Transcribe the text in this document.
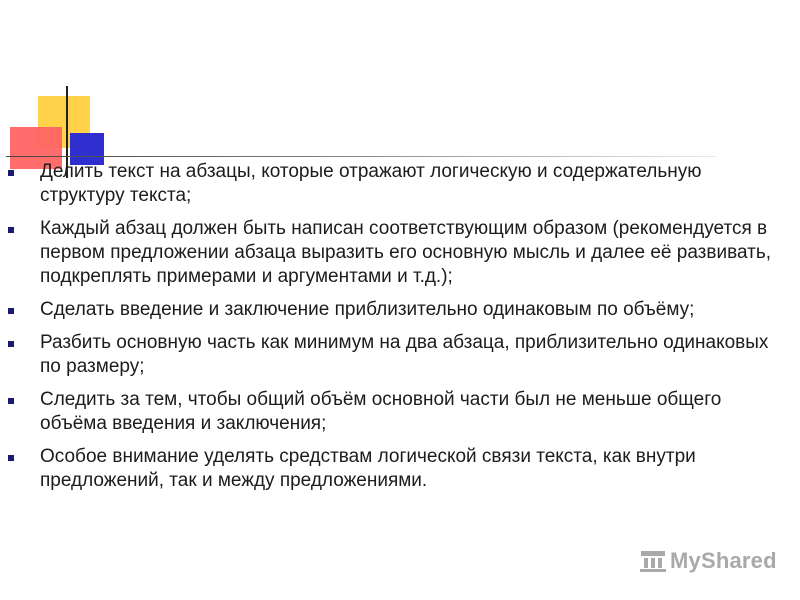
Делить текст на абзацы, которые отражают логическую и содержательную структуру текста;
Каждый абзац должен быть написан соответствующим образом (рекомендуется в первом предложении абзаца выразить его основную мысль и далее её развивать, подкреплять примерами и аргументами и т.д.);
Сделать введение и заключение приблизительно одинаковым по объёму;
Разбить основную часть как минимум на два абзаца, приблизительно одинаковых по размеру;
Следить за тем, чтобы общий объём основной части был не меньше общего объёма введения и заключения;
Особое внимание уделять средствам логической связи текста, как внутри предложений, так и между предложениями.
MyShared
